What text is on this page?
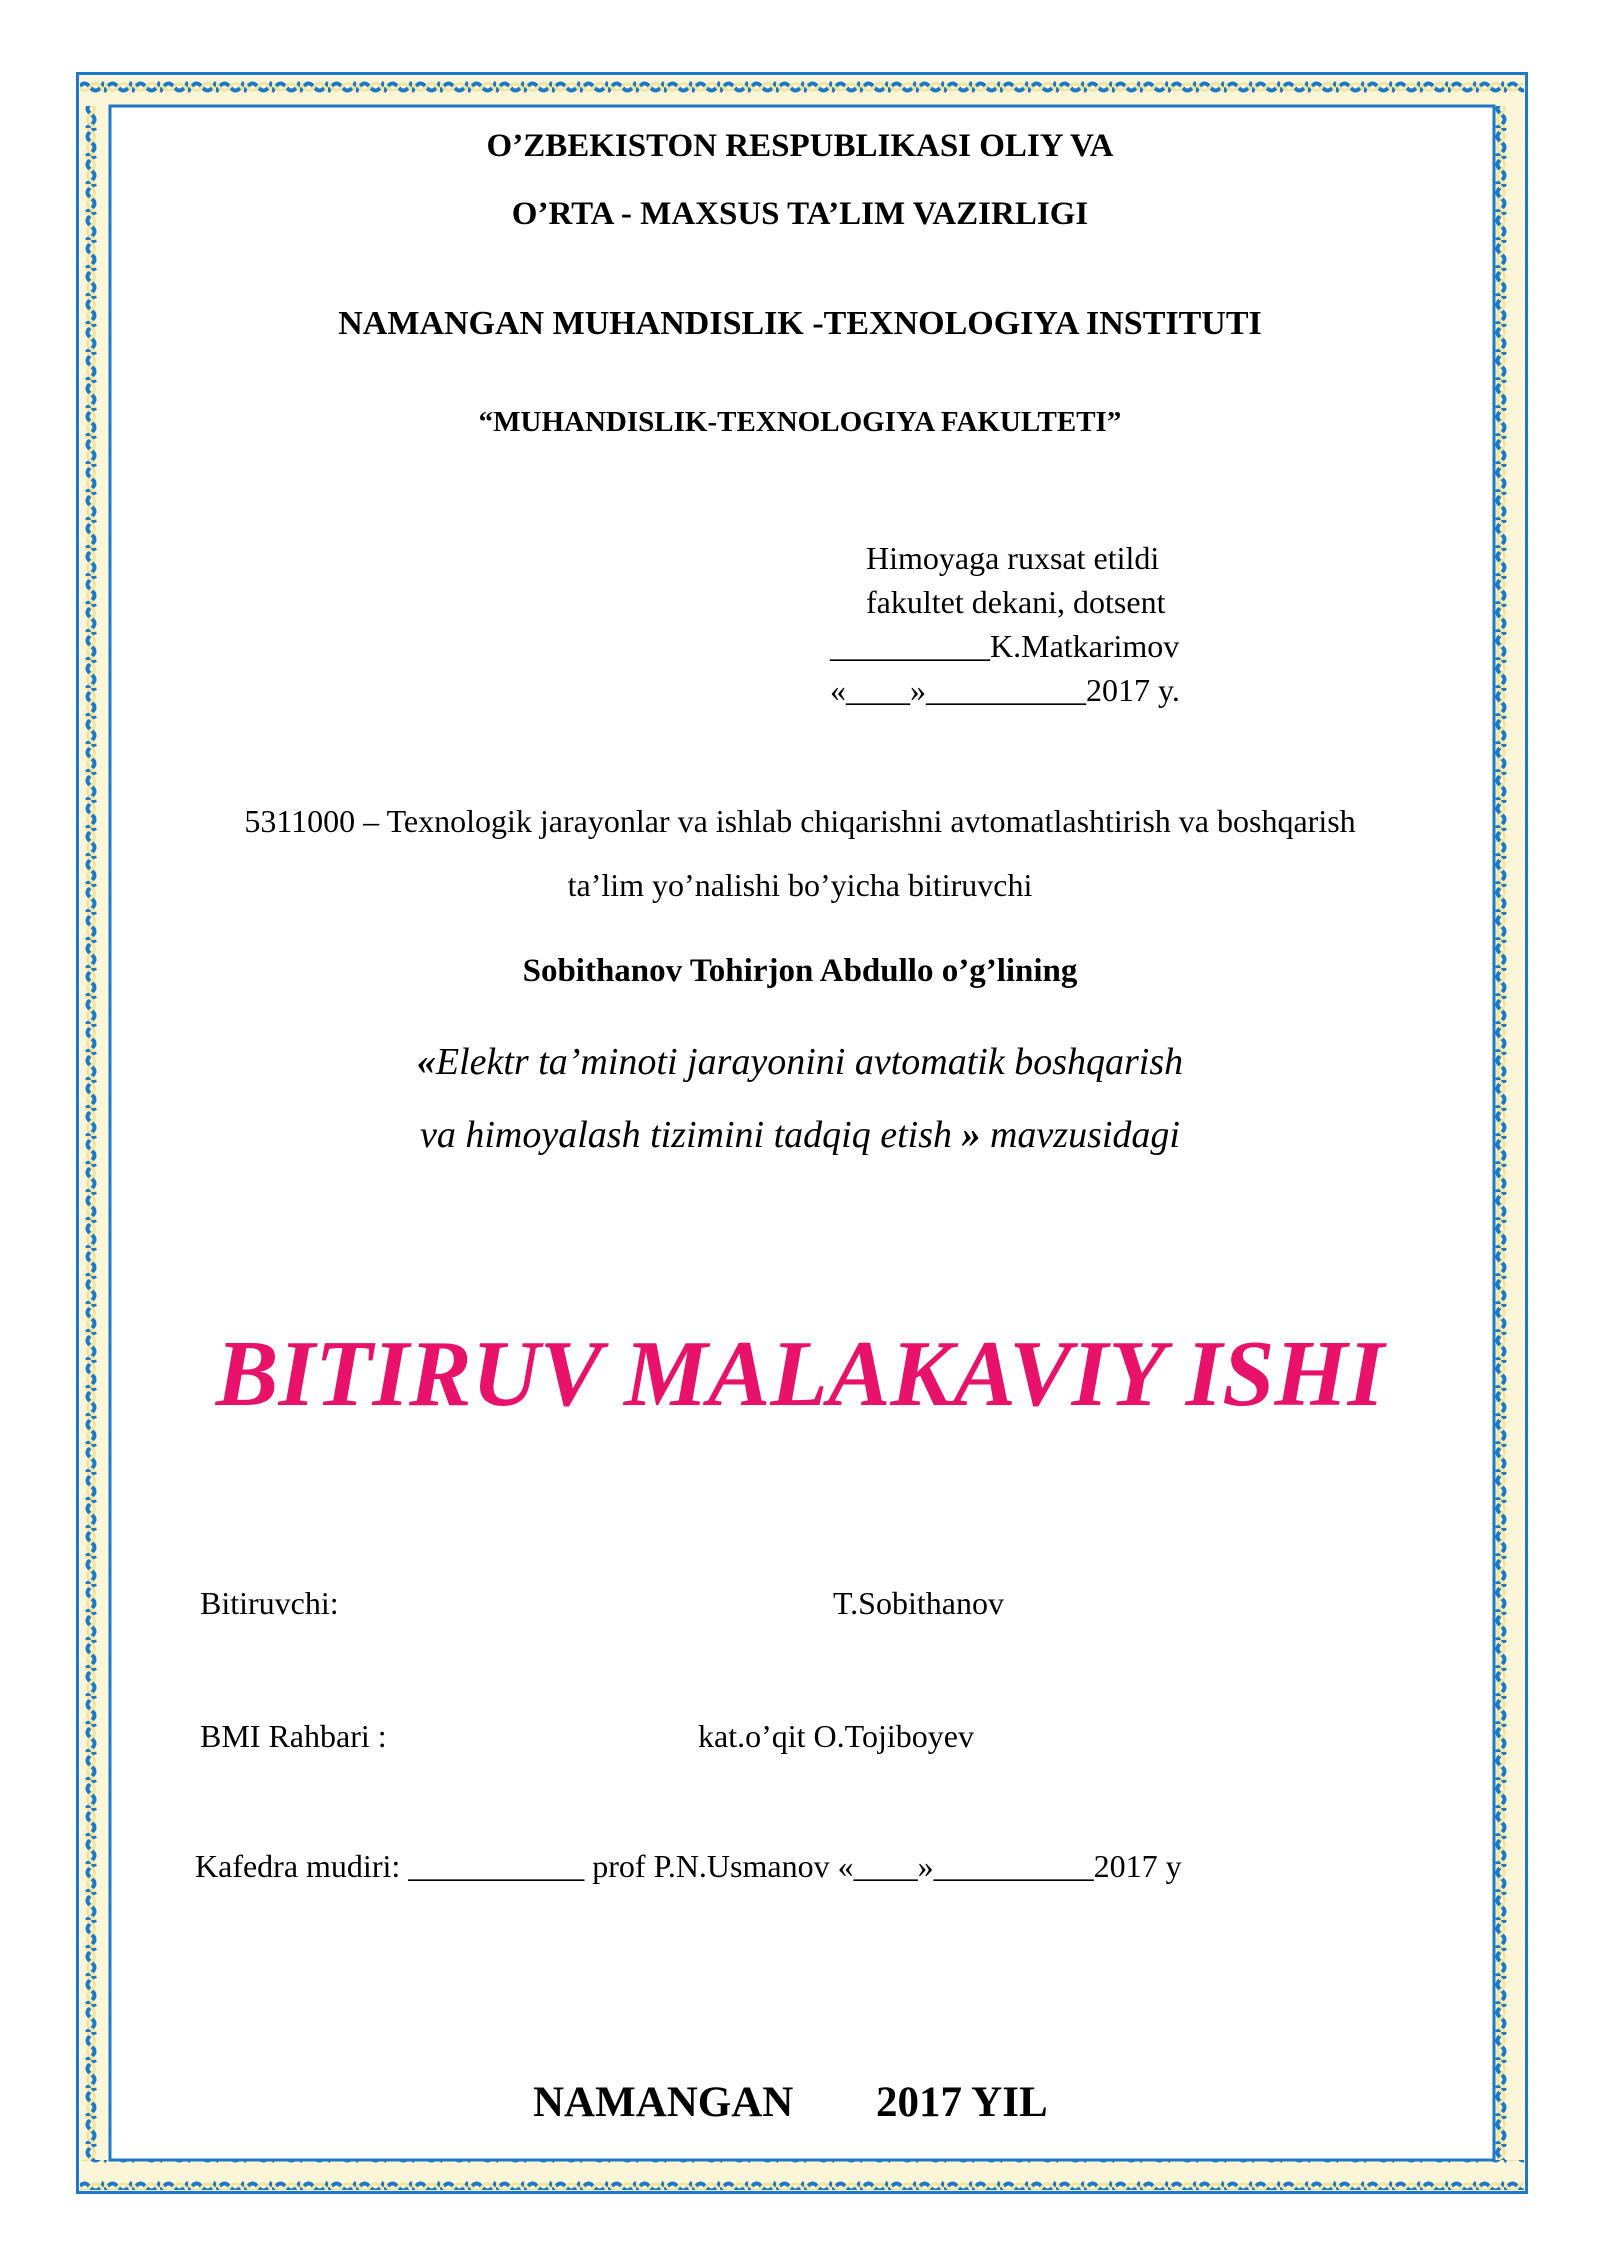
O’ZBEKISTON RESPUBLIKASI OLIY VA
O’RTA - MAXSUS TA’LIM VAZIRLIGI
NAMANGAN MUHANDISLIK -TEXNOLOGIYA INSTITUTI
“MUHANDISLIK-TEXNOLOGIYA FAKULTETI”
Himoyaga ruxsat etildi
fakultet dekani, dotsent
__________K.Matkarimov
«____»__________2017 y.
5311000 – Texnologik jarayonlar va ishlab chiqarishni avtomatlashtirish va boshqarish
ta’lim yo’nalishi bo’yicha bitiruvchi
Sobithanov Tohirjon Abdullo o’g’lining
«Elektr ta’minoti jarayonini avtomatik boshqarish
va himoyalash tizimini tadqiq etish » mavzusidagi
BITIRUV MALAKAVIY ISHI
Bitiruvchi:	T.Sobithanov
BMI Rahbari :	kat.o’qit O.Tojiboyev
Kafedra mudiri: ___________ prof P.N.Usmanov «____»__________2017 y
NAMANGAN 2017 YIL
